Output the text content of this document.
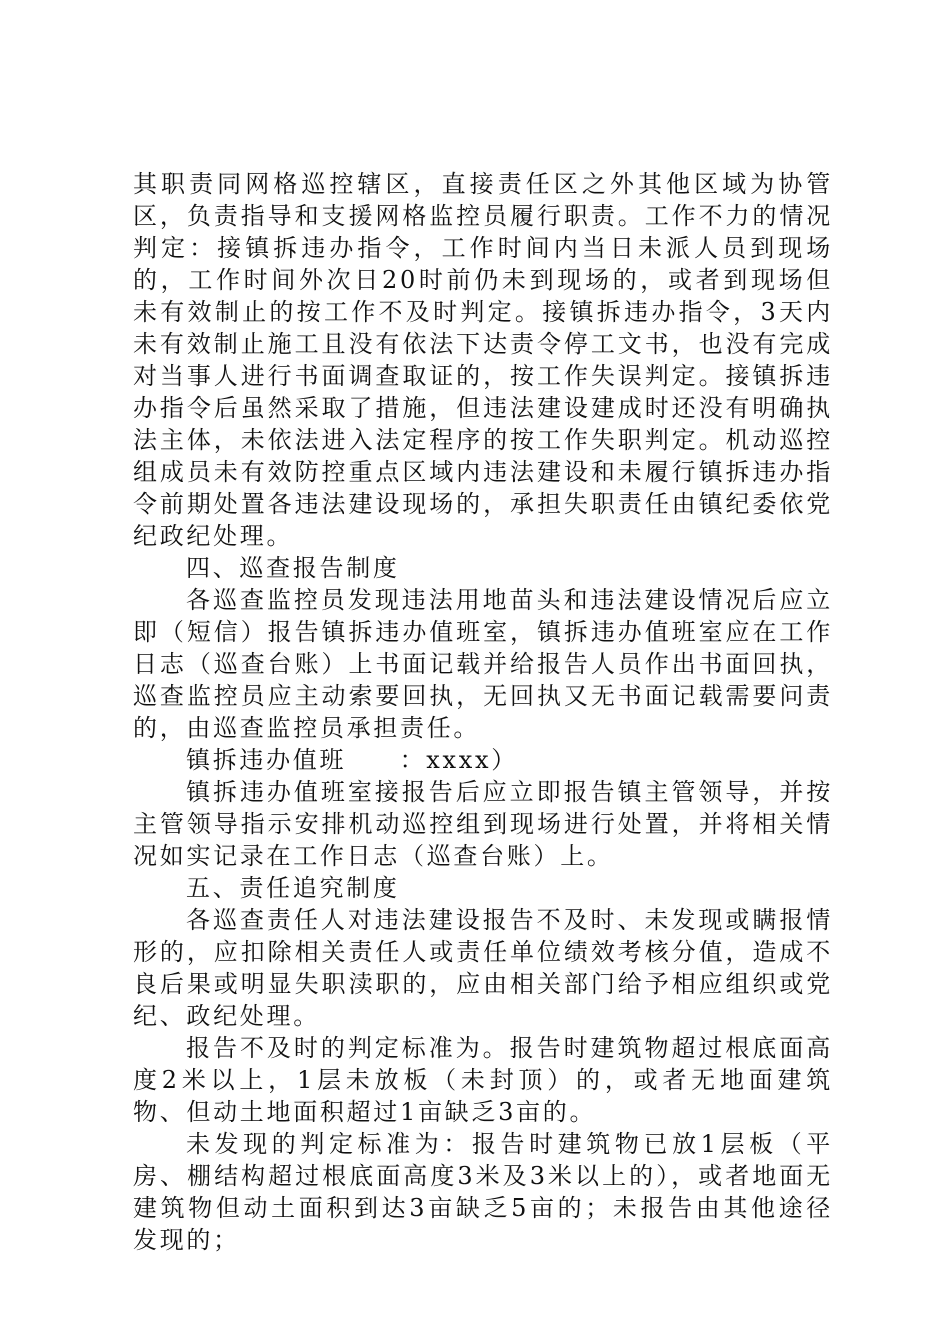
其职责同网格巡控辖区，直接责任区之外其他区域为协管区，负责指导和支援网格监控员履行职责。工作不力的情况判定：接镇拆违办指令，工作时间内当日未派人员到现场的，工作时间外次日20时前仍未到现场的，或者到现场但未有效制止的按工作不及时判定。接镇拆违办指令，3天内未有效制止施工且没有依法下达责令停工文书，也没有完成对当事人进行书面调查取证的，按工作失误判定。接镇拆违办指令后虽然采取了措施，但违法建设建成时还没有明确执法主体，未依法进入法定程序的按工作失职判定。机动巡控组成员未有效防控重点区域内违法建设和未履行镇拆违办指令前期处置各违法建设现场的，承担失职责任由镇纪委依党纪政纪处理。

四、巡查报告制度

各巡查监控员发现违法用地苗头和违法建设情况后应立即（短信）报告镇拆违办值班室，镇拆违办值班室应在工作日志（巡查台账）上书面记载并给报告人员作出书面回执，巡查监控员应主动索要回执，无回执又无书面记载需要问责的，由巡查监控员承担责任。

镇拆违办值班　　：xxxx）

镇拆违办值班室接报告后应立即报告镇主管领导，并按主管领导指示安排机动巡控组到现场进行处置，并将相关情况如实记录在工作日志（巡查台账）上。

五、责任追究制度

各巡查责任人对违法建设报告不及时、未发现或瞒报情形的，应扣除相关责任人或责任单位绩效考核分值，造成不良后果或明显失职渎职的，应由相关部门给予相应组织或党纪、政纪处理。

报告不及时的判定标准为。报告时建筑物超过根底面高度2米以上，1层未放板（未封顶）的，或者无地面建筑物、但动土地面积超过1亩缺乏3亩的。

未发现的判定标准为：报告时建筑物已放1层板（平房、棚结构超过根底面高度3米及3米以上的），或者地面无建筑物但动土面积到达3亩缺乏5亩的；未报告由其他途径发现的；
